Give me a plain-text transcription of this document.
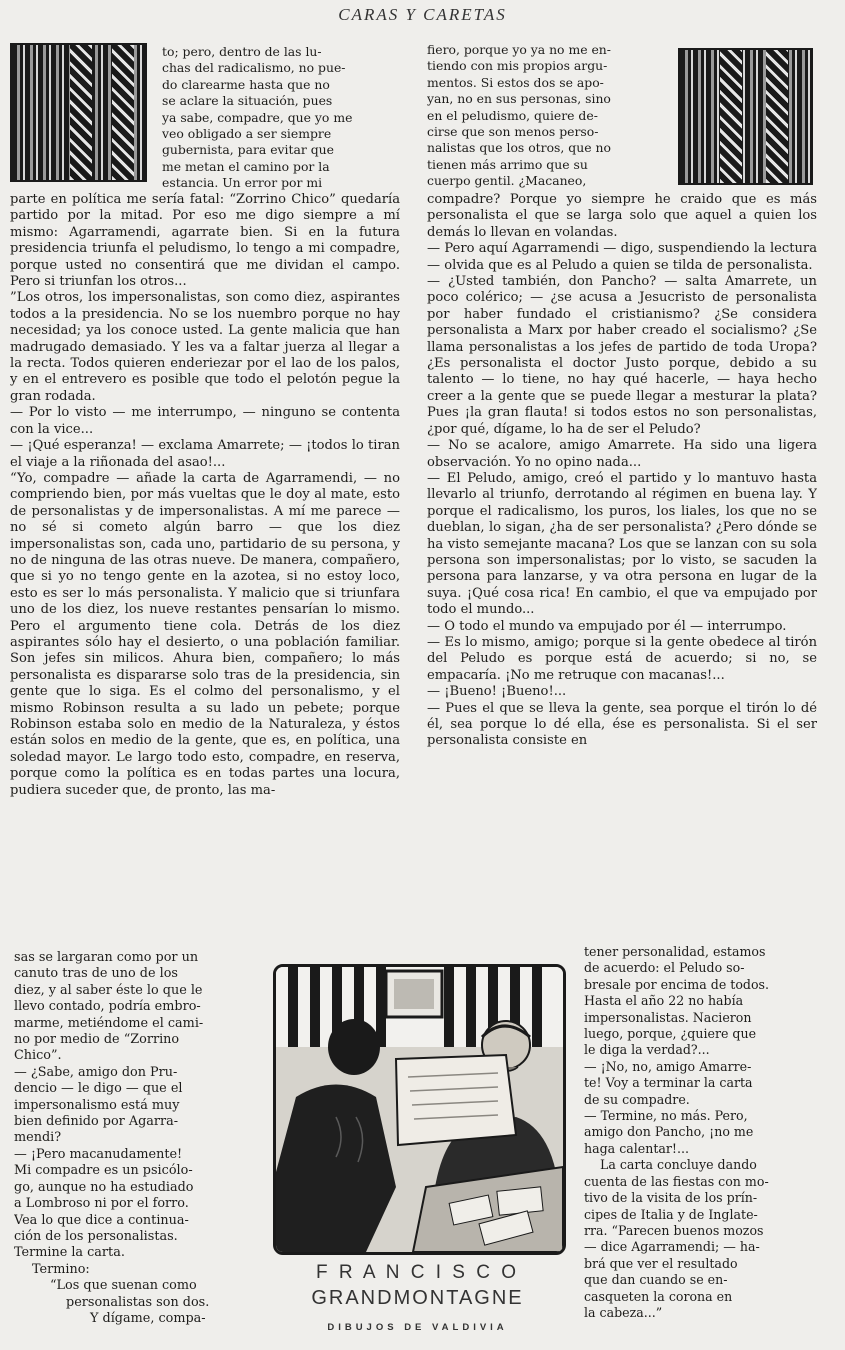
CARAS Y CARETAS
to; pero, dentro de las lu-
chas del radicalismo, no pue-
do clarearme hasta que no
se aclare la situación, pues
ya sabe, compadre, que yo me
veo obligado a ser siempre
gubernista, para evitar que
me metan el camino por la
estancia. Un error por mi

parte en política me sería fatal: “Zorrino Chico” quedaría partido por la mitad. Por eso me digo siempre a mí mismo: Agarramendi, agarrate bien. Si en la futura presidencia triunfa el peludismo, lo tengo a mi compadre, porque usted no consentirá que me dividan el campo. Pero si triunfan los otros...

”Los otros, los impersonalistas, son como diez, aspirantes todos a la presidencia. No se los nuembro porque no hay necesidad; ya los conoce usted. La gente malicia que han madrugado demasiado. Y les va a faltar juerza al llegar a la recta. Todos quieren enderiezar por el lao de los palos, y en el entrevero es posible que todo el pelotón pegue la gran rodada.

— Por lo visto — me interrumpo, — ninguno se contenta con la vice...

— ¡Qué esperanza! — exclama Amarrete; — ¡todos lo tiran el viaje a la riñonada del asao!...

“Yo, compadre — añade la carta de Agarramendi, — no compriendo bien, por más vueltas que le doy al mate, esto de personalistas y de impersonalistas. A mí me parece — no sé si cometo algún barro — que los diez impersonalistas son, cada uno, partidario de su persona, y no de ninguna de las otras nueve. De manera, compañero, que si yo no tengo gente en la azotea, si no estoy loco, esto es ser lo más personalista. Y malicio que si triunfara uno de los diez, los nueve restantes pensarían lo mismo. Pero el argumento tiene cola. Detrás de los diez aspirantes sólo hay el desierto, o una población familiar. Son jefes sin milicos. Ahura bien, compañero; lo más personalista es dispararse solo tras de la presidencia, sin gente que lo siga. Es el colmo del personalismo, y el mismo Robinson resulta a su lado un pebete; porque Robinson estaba solo en medio de la Naturaleza, y éstos están solos en medio de la gente, que es, en política, una soledad mayor. Le largo todo esto, compadre, en reserva, porque como la política es en todas partes una locura, pudiera suceder que, de pronto, las ma-

sas se largaran como por un
canuto tras de uno de los
diez, y al saber éste lo que le
llevo contado, podría embro-
marme, metiéndome el cami-
no por medio de “Zorrino
Chico”.
— ¿Sabe, amigo don Pru-
dencio — le digo — que el
impersonalismo está muy
bien definido por Agarra-
mendi?
— ¡Pero macanudamente!
Mi compadre es un psicólo-
go, aunque no ha estudiado
a Lombroso ni por el forro.
Vea lo que dice a continua-
ción de los personalistas.
Termine la carta.
Termino:
“Los que suenan como
personalistas son dos.
Y dígame, compa-
fiero, porque yo ya no me en-
tiendo con mis propios argu-
mentos. Si estos dos se apo-
yan, no en sus personas, sino
en el peludismo, quiere de-
cirse que son menos perso-
nalistas que los otros, que no
tienen más arrimo que su
cuerpo gentil. ¿Macaneo,

compadre? Porque yo siempre he craido que es más personalista el que se larga solo que aquel a quien los demás lo llevan en volandas.

— Pero aquí Agarramendi — digo, suspendiendo la lectura — olvida que es al Peludo a quien se tilda de personalista.

— ¿Usted también, don Pancho? — salta Amarrete, un poco colérico; — ¿se acusa a Jesucristo de personalista por haber fundado el cristianismo? ¿Se considera personalista a Marx por haber creado el socialismo? ¿Se llama personalistas a los jefes de partido de toda Uropa? ¿Es personalista el doctor Justo porque, debido a su talento — lo tiene, no hay qué hacerle, — haya hecho creer a la gente que se puede llegar a mesturar la plata? Pues ¡la gran flauta! si todos estos no son personalistas, ¿por qué, dígame, lo ha de ser el Peludo?

— No se acalore, amigo Amarrete. Ha sido una ligera observación. Yo no opino nada...

— El Peludo, amigo, creó el partido y lo mantuvo hasta llevarlo al triunfo, derrotando al régimen en buena lay. Y porque el radicalismo, los puros, los liales, los que no se dueblan, lo sigan, ¿ha de ser personalista? ¿Pero dónde se ha visto semejante macana? Los que se lanzan con su sola persona son impersonalistas; por lo visto, se sacuden la persona para lanzarse, y va otra persona en lugar de la suya. ¡Qué cosa rica! En cambio, el que va empujado por todo el mundo...

— O todo el mundo va empujado por él — interrumpo.

— Es lo mismo, amigo; porque si la gente obedece al tirón del Peludo es porque está de acuerdo; si no, se empacaría. ¡No me retruque con macanas!...

— ¡Bueno! ¡Bueno!...

— Pues el que se lleva la gente, sea porque el tirón lo dé él, sea porque lo dé ella, ése es personalista. Si el ser personalista consiste en

tener personalidad, estamos
de acuerdo: el Peludo so-
bresale por encima de todos.
Hasta el año 22 no había
impersonalistas. Nacieron
luego, porque, ¿quiere que
le diga la verdad?...
— ¡No, no, amigo Amarre-
te! Voy a terminar la carta
de su compadre.
— Termine, no más. Pero,
amigo don Pancho, ¡no me
haga calentar!...
La carta concluye dando
cuenta de las fiestas con mo-
tivo de la visita de los prín-
cipes de Italia y de Inglate-
rra. “Parecen buenos mozos
— dice Agarramendi; — ha-
brá que ver el resultado
que dan cuando se en-
casqueten la corona en
la cabeza...”
F R A N C I S C O
GRANDMONTAGNE
DIBUJOS DE VALDIVIA
